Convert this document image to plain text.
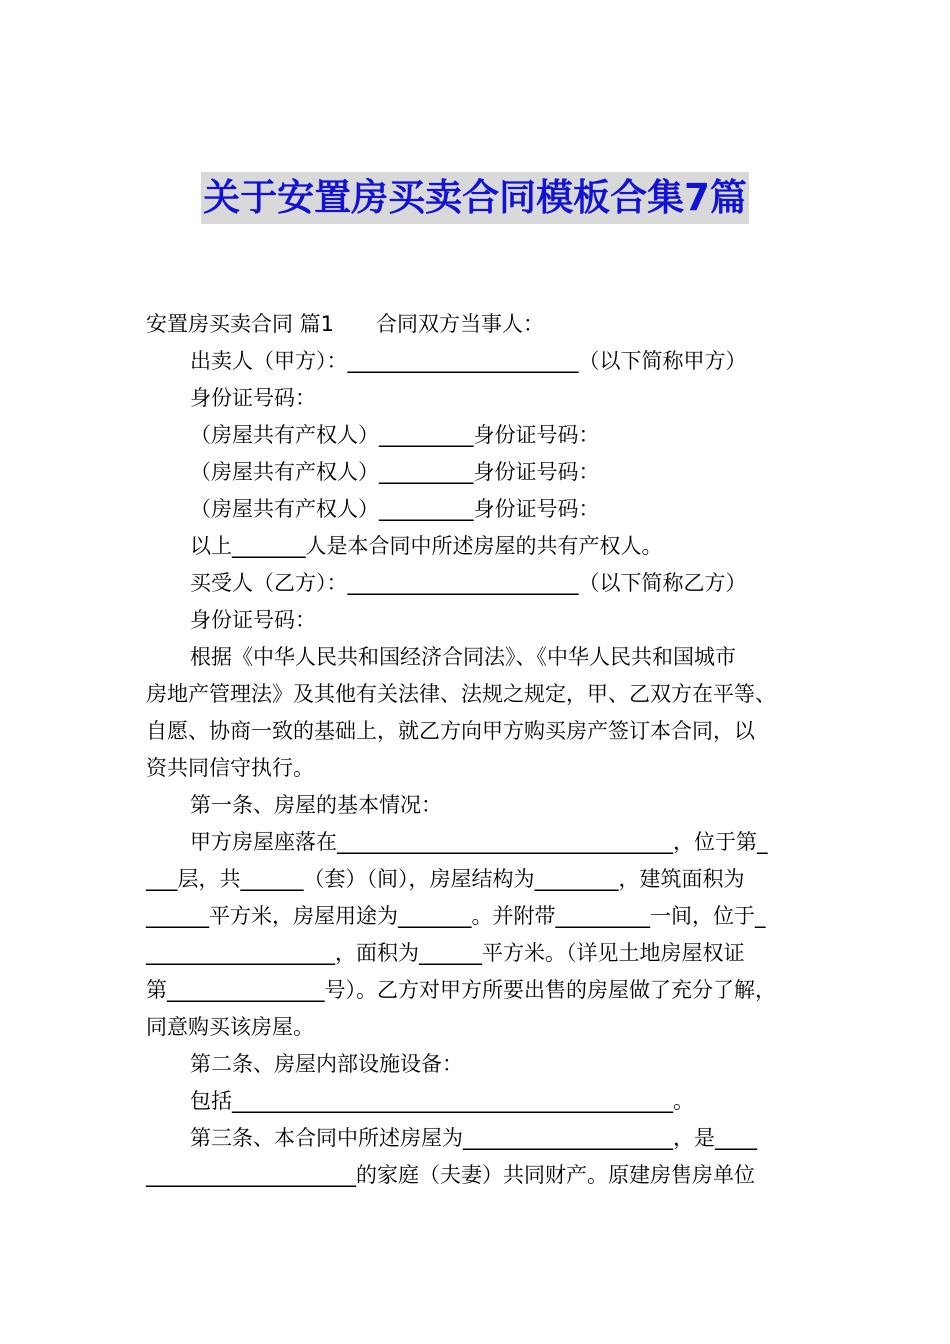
关于安置房买卖合同模板合集7篇
安置房买卖合同 篇1　　合同双方当事人：
出卖人（甲方）：______________________（以下简称甲方）
身份证号码：
（房屋共有产权人）_________身份证号码：
（房屋共有产权人）_________身份证号码：
（房屋共有产权人）_________身份证号码：
以上_______人是本合同中所述房屋的共有产权人。
买受人（乙方）：______________________（以下简称乙方）
身份证号码：
根据《中华人民共和国经济合同法》、《中华人民共和国城市
房地产管理法》及其他有关法律、法规之规定，甲、乙双方在平等、
自愿、协商一致的基础上，就乙方向甲方购买房产签订本合同，以
资共同信守执行。
第一条、房屋的基本情况：
甲方房屋座落在________________________________，位于第_
___层，共______（套）（间），房屋结构为________，建筑面积为
______平方米，房屋用途为_______。并附带_________一间，位于_
__________________，面积为______平方米。（详见土地房屋权证
第_______________号）。乙方对甲方所要出售的房屋做了充分了解，
同意购买该房屋。
第二条、房屋内部设施设备：
包括__________________________________________。
第三条、本合同中所述房屋为____________________，是____
____________________的家庭（夫妻）共同财产。原建房售房单位
